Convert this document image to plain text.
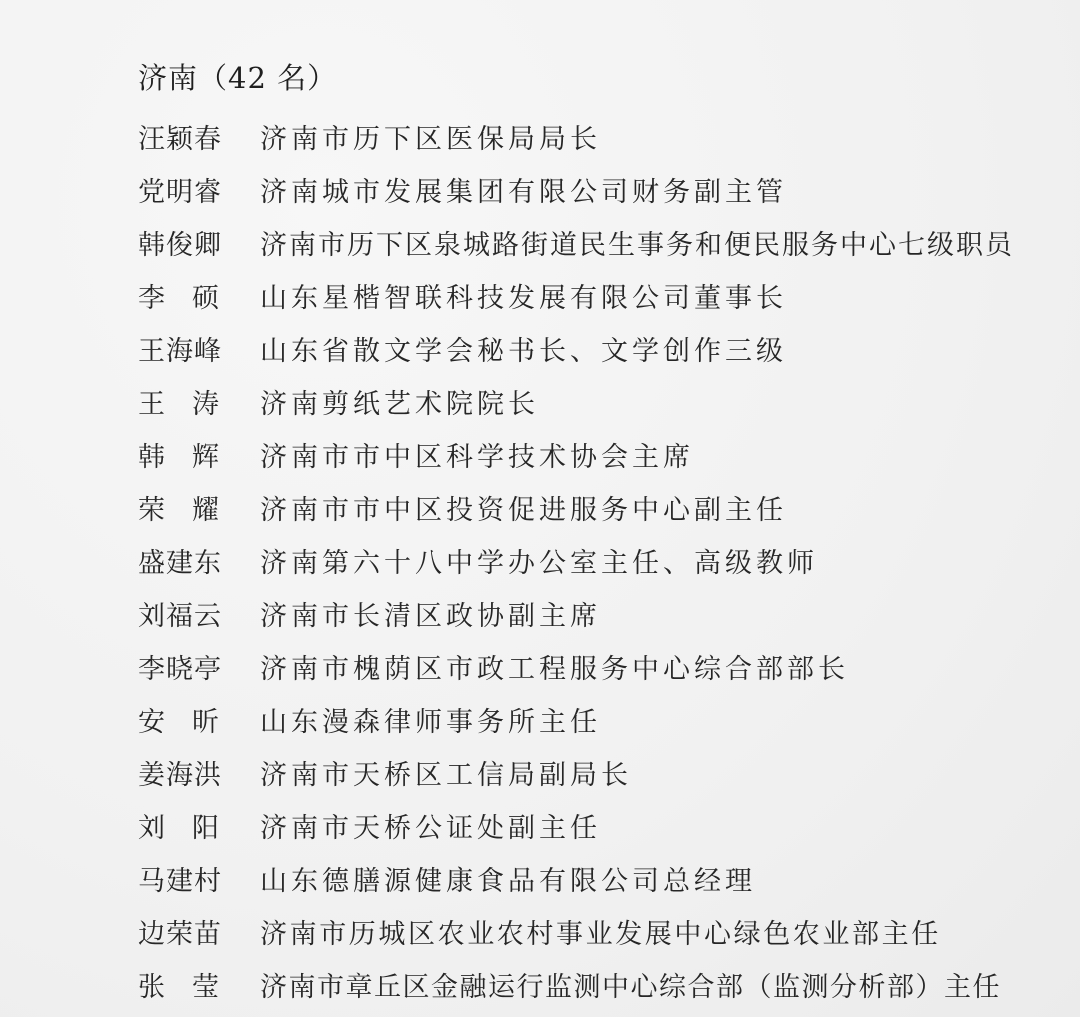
济南（42 名）
汪颖春	济南市历下区医保局局长
党明睿	济南城市发展集团有限公司财务副主管
韩俊卿	济南市历下区泉城路街道民生事务和便民服务中心七级职员
李　硕	山东星楷智联科技发展有限公司董事长
王海峰	山东省散文学会秘书长、文学创作三级
王　涛	济南剪纸艺术院院长
韩　辉	济南市市中区科学技术协会主席
荣　耀	济南市市中区投资促进服务中心副主任
盛建东	济南第六十八中学办公室主任、高级教师
刘福云	济南市长清区政协副主席
李晓亭	济南市槐荫区市政工程服务中心综合部部长
安　昕	山东漫森律师事务所主任
姜海洪	济南市天桥区工信局副局长
刘　阳	济南市天桥公证处副主任
马建村	山东德膳源健康食品有限公司总经理
边荣苗	济南市历城区农业农村事业发展中心绿色农业部主任
张　莹	济南市章丘区金融运行监测中心综合部（监测分析部）主任
